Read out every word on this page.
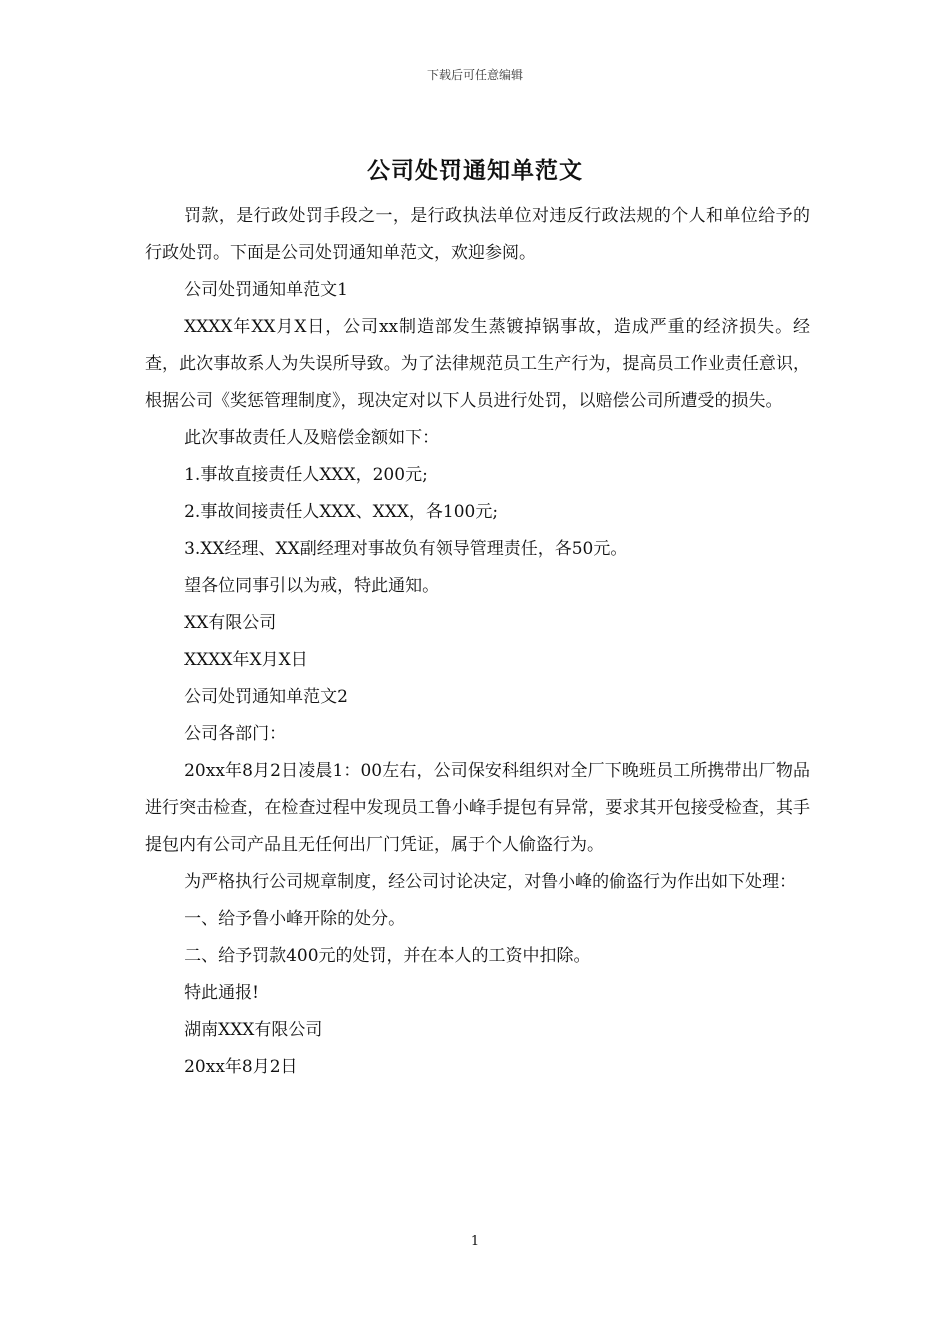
下载后可任意编辑
公司处罚通知单范文

罚款，是行政处罚手段之一，是行政执法单位对违反行政法规的个人和单位给予的行政处罚。下面是公司处罚通知单范文，欢迎参阅。

公司处罚通知单范文1

XXXX年XX月X日，公司xx制造部发生蒸镀掉锅事故，造成严重的经济损失。经查，此次事故系人为失误所导致。为了法律规范员工生产行为，提高员工作业责任意识，根据公司《奖惩管理制度》，现决定对以下人员进行处罚，以赔偿公司所遭受的损失。

此次事故责任人及赔偿金额如下：

1.事故直接责任人XXX，200元;

2.事故间接责任人XXX、XXX，各100元;

3.XX经理、XX副经理对事故负有领导管理责任，各50元。

望各位同事引以为戒，特此通知。

XX有限公司

XXXX年X月X日

公司处罚通知单范文2

公司各部门：

20xx年8月2日凌晨1：00左右，公司保安科组织对全厂下晚班员工所携带出厂物品进行突击检查，在检查过程中发现员工鲁小峰手提包有异常，要求其开包接受检查，其手提包内有公司产品且无任何出厂门凭证，属于个人偷盗行为。

为严格执行公司规章制度，经公司讨论决定，对鲁小峰的偷盗行为作出如下处理：

一、给予鲁小峰开除的处分。

二、给予罚款400元的处罚，并在本人的工资中扣除。

特此通报!

湖南XXX有限公司

20xx年8月2日

1
